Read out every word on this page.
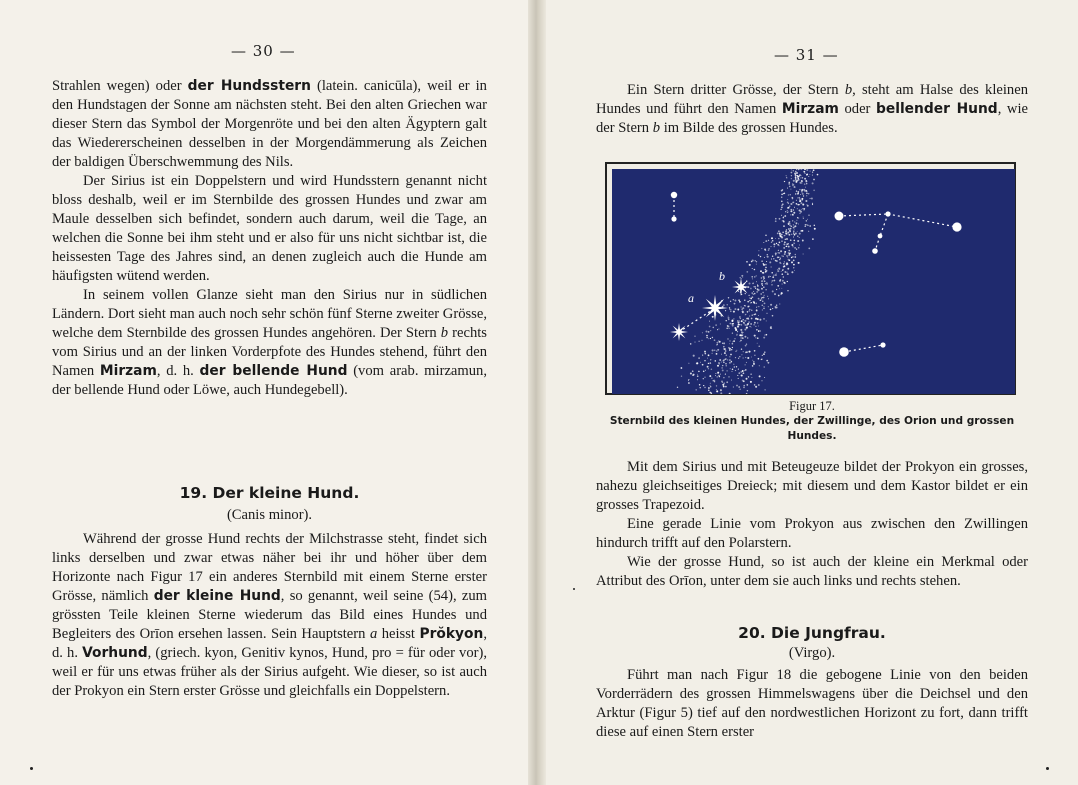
— 30 —

Strahlen wegen) oder der Hundsstern (latein. canicūla), weil er in den Hundstagen der Sonne am nächsten steht. Bei den alten Griechen war dieser Stern das Symbol der Morgenröte und bei den alten Ägyptern galt das Wiedererscheinen desselben in der Morgendämmerung als Zeichen der baldigen Überschwemmung des Nils.

Der Sirius ist ein Doppelstern und wird Hundsstern genannt nicht bloss deshalb, weil er im Sternbilde des grossen Hundes und zwar am Maule desselben sich befindet, sondern auch darum, weil die Tage, an welchen die Sonne bei ihm steht und er also für uns nicht sichtbar ist, die heissesten Tage des Jahres sind, an denen zugleich auch die Hunde am häufigsten wütend werden.

In seinem vollen Glanze sieht man den Sirius nur in südlichen Ländern. Dort sieht man auch noch sehr schön fünf Sterne zweiter Grösse, welche dem Sternbilde des grossen Hundes angehören. Der Stern b rechts vom Sirius und an der linken Vorderpfote des Hundes stehend, führt den Namen Mirzam, d. h. der bellende Hund (vom arab. mirzamun, der bellende Hund oder Löwe, auch Hundegebell).

19. Der kleine Hund.
(Canis minor).

Während der grosse Hund rechts der Milchstrasse steht, findet sich links derselben und zwar etwas näher bei ihr und höher über dem Horizonte nach Figur 17 ein anderes Sternbild mit einem Sterne erster Grösse, nämlich der kleine Hund, so genannt, weil seine (54), zum grössten Teile kleinen Sterne wiederum das Bild eines Hundes und Begleiters des Orīon ersehen lassen. Sein Hauptstern a heisst Prŏkyon, d. h. Vorhund, (griech. kyon, Genitiv kynos, Hund, pro = für oder vor), weil er für uns etwas früher als der Sirius aufgeht. Wie dieser, so ist auch der Prokyon ein Stern erster Grösse und gleichfalls ein Doppelstern.

— 31 —

Ein Stern dritter Grösse, der Stern b, steht am Halse des kleinen Hundes und führt den Namen Mirzam oder bellender Hund, wie der Stern b im Bilde des grossen Hundes.

a
b
Figur 17.
Sternbild des kleinen Hundes, der Zwillinge, des Orion und grossen Hundes.

Mit dem Sirius und mit Beteugeuze bildet der Prokyon ein grosses, nahezu gleichseitiges Dreieck; mit diesem und dem Kastor bildet er ein grosses Trapezoid.

Eine gerade Linie vom Prokyon aus zwischen den Zwillingen hindurch trifft auf den Polarstern.

Wie der grosse Hund, so ist auch der kleine ein Merkmal oder Attribut des Orīon, unter dem sie auch links und rechts stehen.

20. Die Jungfrau.
(Virgo).

Führt man nach Figur 18 die gebogene Linie von den beiden Vorderrädern des grossen Himmelswagens über die Deichsel und den Arktur (Figur 5) tief auf den nordwestlichen Horizont zu fort, dann trifft diese auf einen Stern erster
